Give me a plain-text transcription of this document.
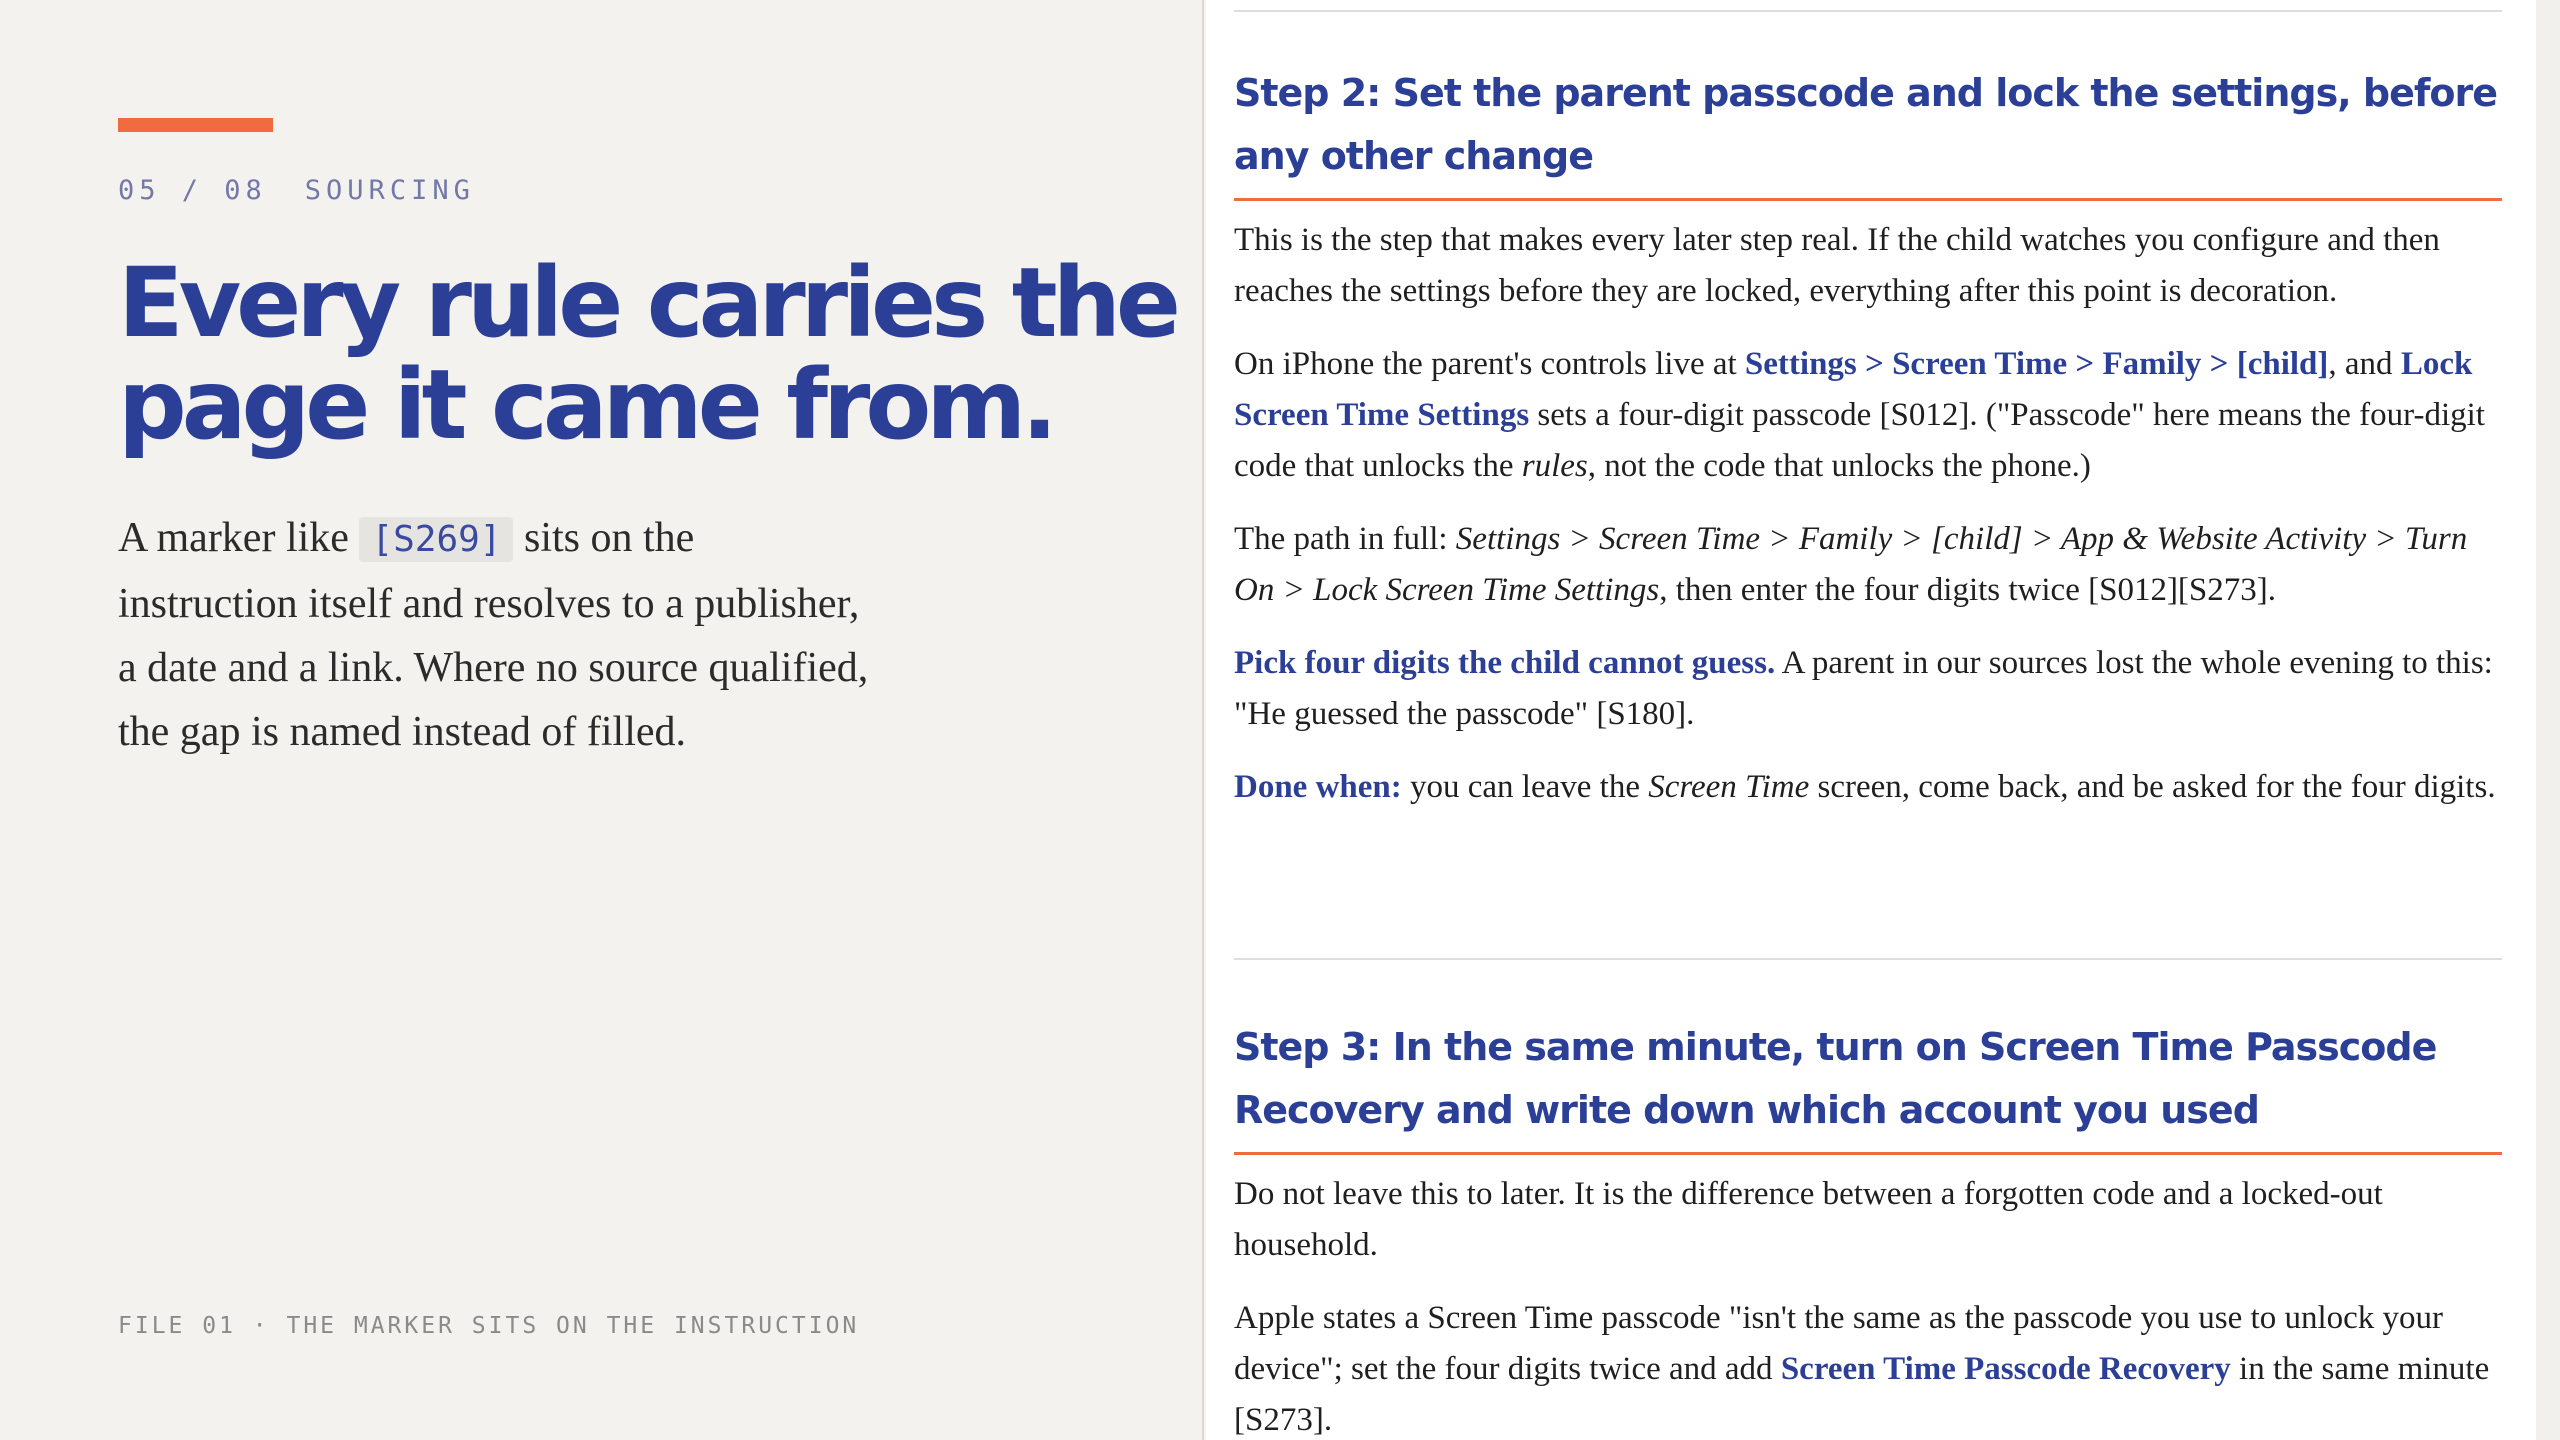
05 / 08 SOURCING

Every rule carries the
page it came from.

A marker like [S269] sits on the instruction itself and resolves to a publisher, a date and a link. Where no source qualified, the gap is named instead of filled.

FILE 01 · THE MARKER SITS ON THE INSTRUCTION

Step 2: Set the parent passcode and lock the settings, before any other change

This is the step that makes every later step real. If the child watches you configure and then reaches the settings before they are locked, everything after this point is decoration.

On iPhone the parent's controls live at Settings > Screen Time > Family > [child], and Lock Screen Time Settings sets a four-digit passcode [S012]. ("Passcode" here means the four-digit code that unlocks the rules, not the code that unlocks the phone.)

The path in full: Settings > Screen Time > Family > [child] > App & Website Activity > Turn On > Lock Screen Time Settings, then enter the four digits twice [S012][S273].

Pick four digits the child cannot guess. A parent in our sources lost the whole evening to this: "He guessed the passcode" [S180].

Done when: you can leave the Screen Time screen, come back, and be asked for the four digits.

Step 3: In the same minute, turn on Screen Time Passcode Recovery and write down which account you used

Do not leave this to later. It is the difference between a forgotten code and a locked-out household.

Apple states a Screen Time passcode "isn't the same as the passcode you use to unlock your device"; set the four digits twice and add Screen Time Passcode Recovery in the same minute [S273].
